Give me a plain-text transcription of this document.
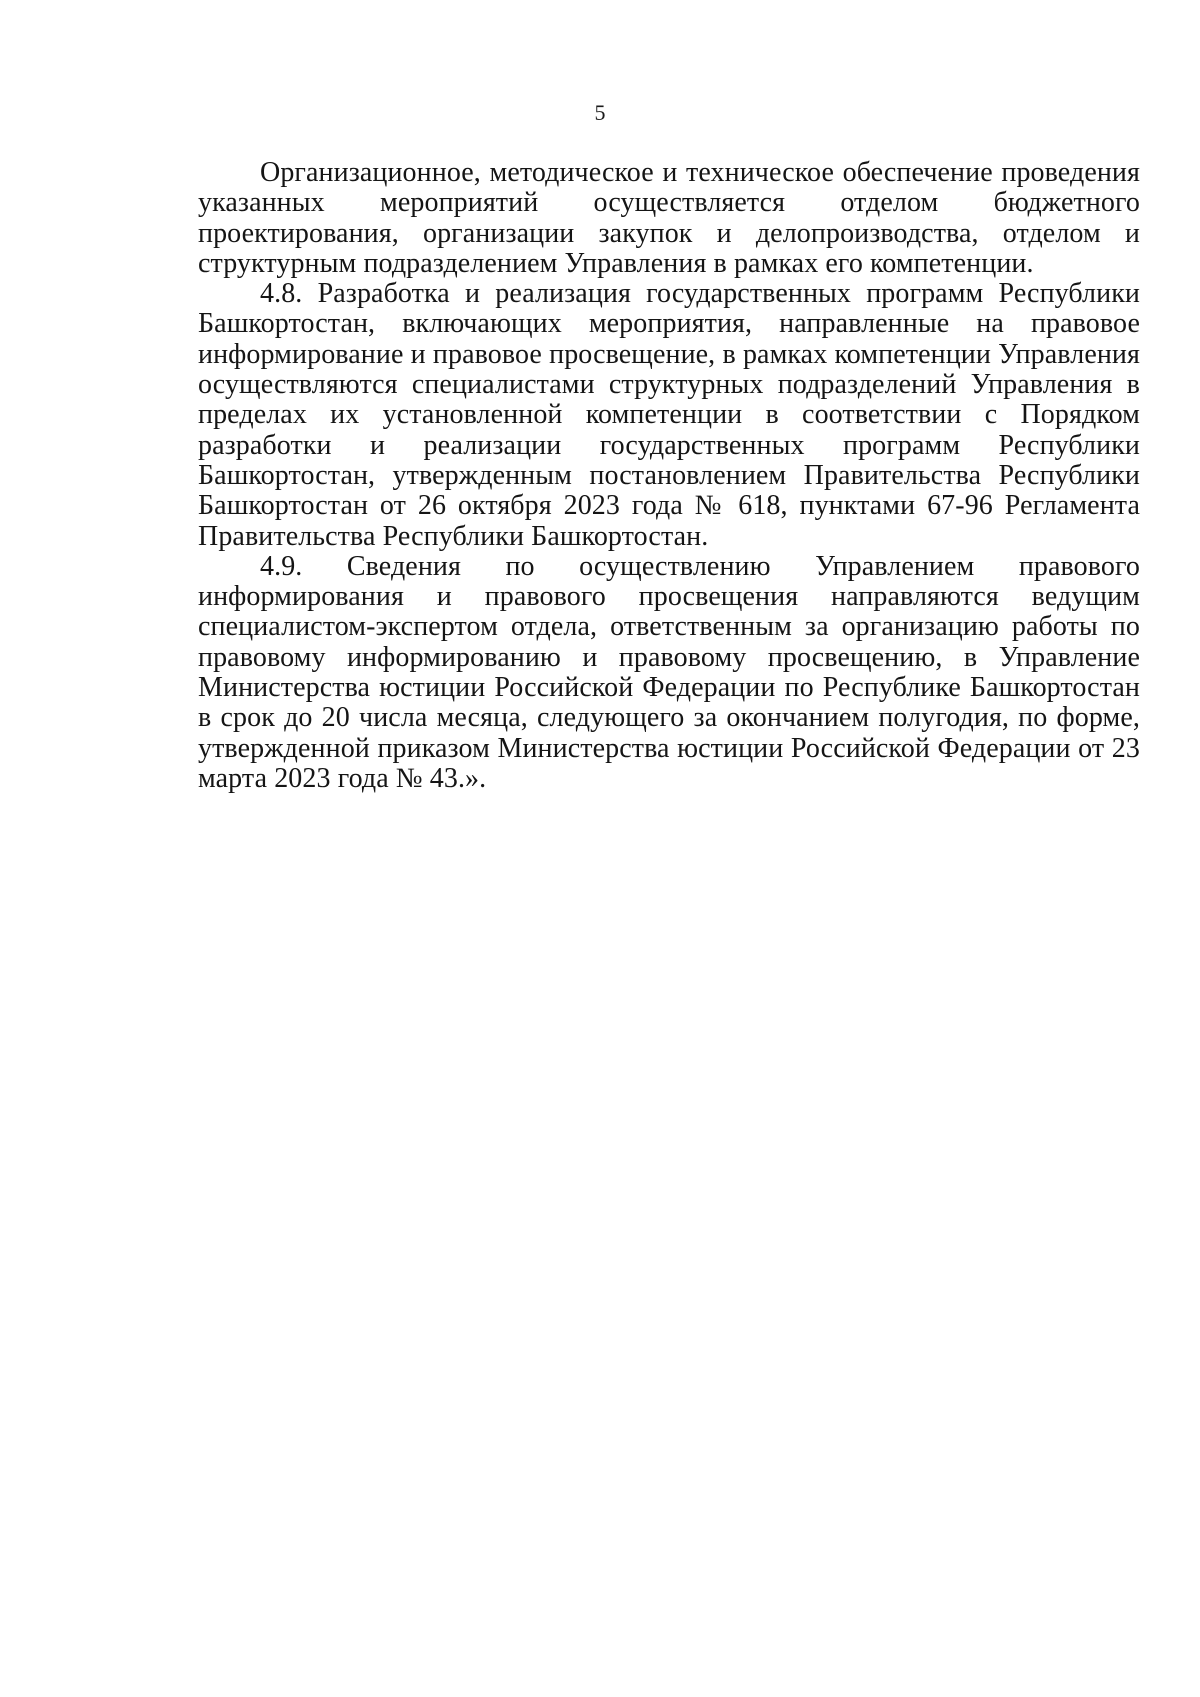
5

Организационное, методическое и техническое обеспечение проведения указанных мероприятий осуществляется отделом бюджетного проектирования, организации закупок и делопроизводства, отделом и структурным подразделением Управления в рамках его компетенции.

4.8. Разработка и реализация государственных программ Республики Башкортостан, включающих мероприятия, направленные на правовое информирование и правовое просвещение, в рамках компетенции Управления осуществляются специалистами структурных подразделений Управления в пределах их установленной компетенции в соответствии с Порядком разработки и реализации государственных программ Республики Башкортостан, утвержденным постановлением Правительства Республики Башкортостан от 26 октября 2023 года № 618, пунктами 67-96 Регламента Правительства Республики Башкортостан.

4.9. Сведения по осуществлению Управлением правового информирования и правового просвещения направляются ведущим специалистом-экспертом отдела, ответственным за организацию работы по правовому информированию и правовому просвещению, в Управление Министерства юстиции Российской Федерации по Республике Башкортостан в срок до 20 числа месяца, следующего за окончанием полугодия, по форме, утвержденной приказом Министерства юстиции Российской Федерации от 23 марта 2023 года № 43.».
